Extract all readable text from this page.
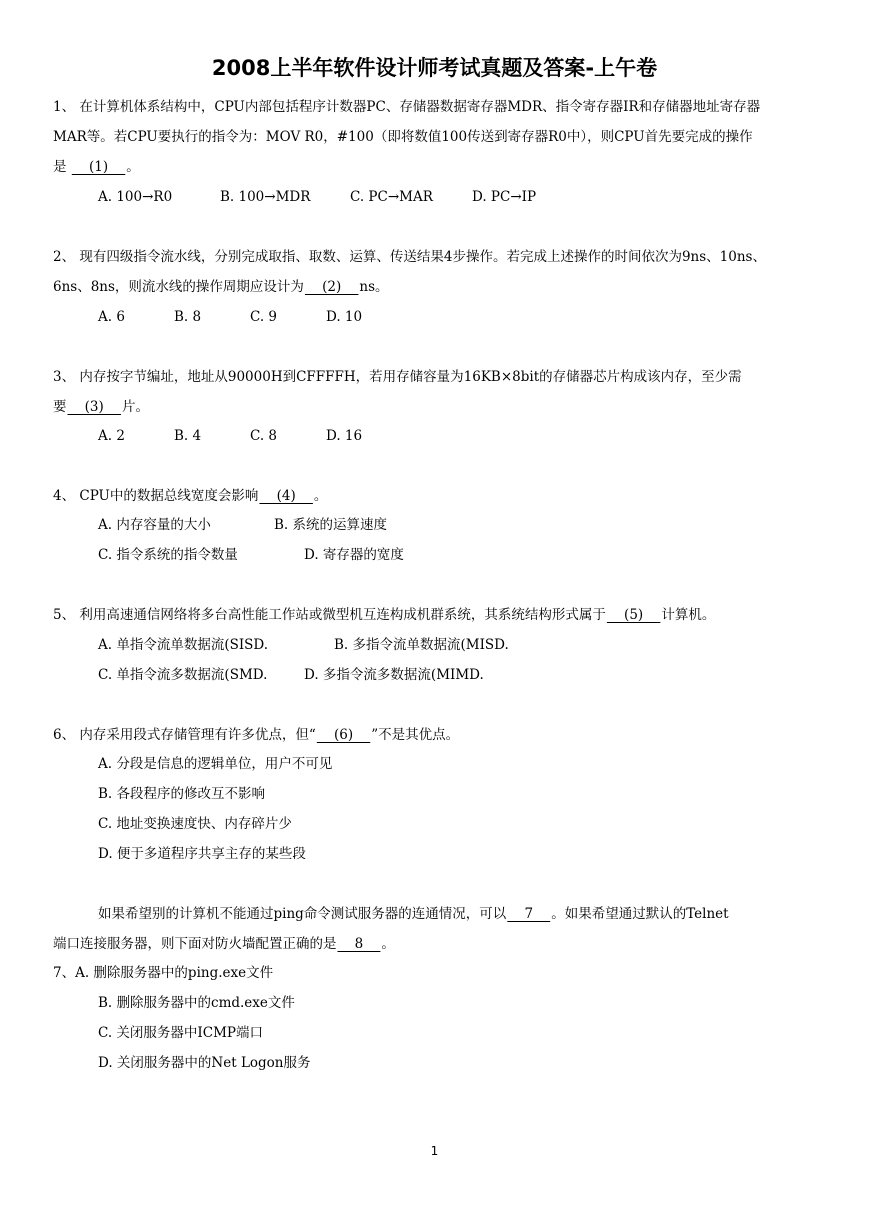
2008上半年软件设计师考试真题及答案-上午卷
1、 在计算机体系结构中，CPU内部包括程序计数器PC、存储器数据寄存器MDR、指令寄存器IR和存储器地址寄存器
MAR等。若CPU要执行的指令为：MOV R0，#100（即将数值100传送到寄存器R0中），则CPU首先要完成的操作
是     (1)    。
A. 100→R0	B. 100→MDR	C. PC→MAR	D. PC→IP
2、 现有四级指令流水线，分别完成取指、取数、运算、传送结果4步操作。若完成上述操作的时间依次为9ns、10ns、
6ns、8ns，则流水线的操作周期应设计为    (2)    ns。
A. 6	B. 8	C. 9	D. 10
3、 内存按字节编址，地址从90000H到CFFFFH，若用存储容量为16KB×8bit的存储器芯片构成该内存，至少需
要    (3)    片。
A. 2	B. 4	C. 8	D. 16
4、 CPU中的数据总线宽度会影响    (4)    。
A. 内存容量的大小	B. 系统的运算速度
C. 指令系统的指令数量	D. 寄存器的宽度
5、 利用高速通信网络将多台高性能工作站或微型机互连构成机群系统，其系统结构形式属于    (5)    计算机。
A. 单指令流单数据流(SISD.	B. 多指令流单数据流(MISD.
C. 单指令流多数据流(SMD.	D. 多指令流多数据流(MIMD.
6、 内存采用段式存储管理有许多优点，但“    (6)    ”不是其优点。
A. 分段是信息的逻辑单位，用户不可见
B. 各段程序的修改互不影响
C. 地址变换速度快、内存碎片少
D. 便于多道程序共享主存的某些段
如果希望别的计算机不能通过ping命令测试服务器的连通情况，可以    7    。如果希望通过默认的Telnet
端口连接服务器，则下面对防火墙配置正确的是    8    。
7、A. 删除服务器中的ping.exe文件
B. 删除服务器中的cmd.exe文件
C. 关闭服务器中ICMP端口
D. 关闭服务器中的Net Logon服务
1
